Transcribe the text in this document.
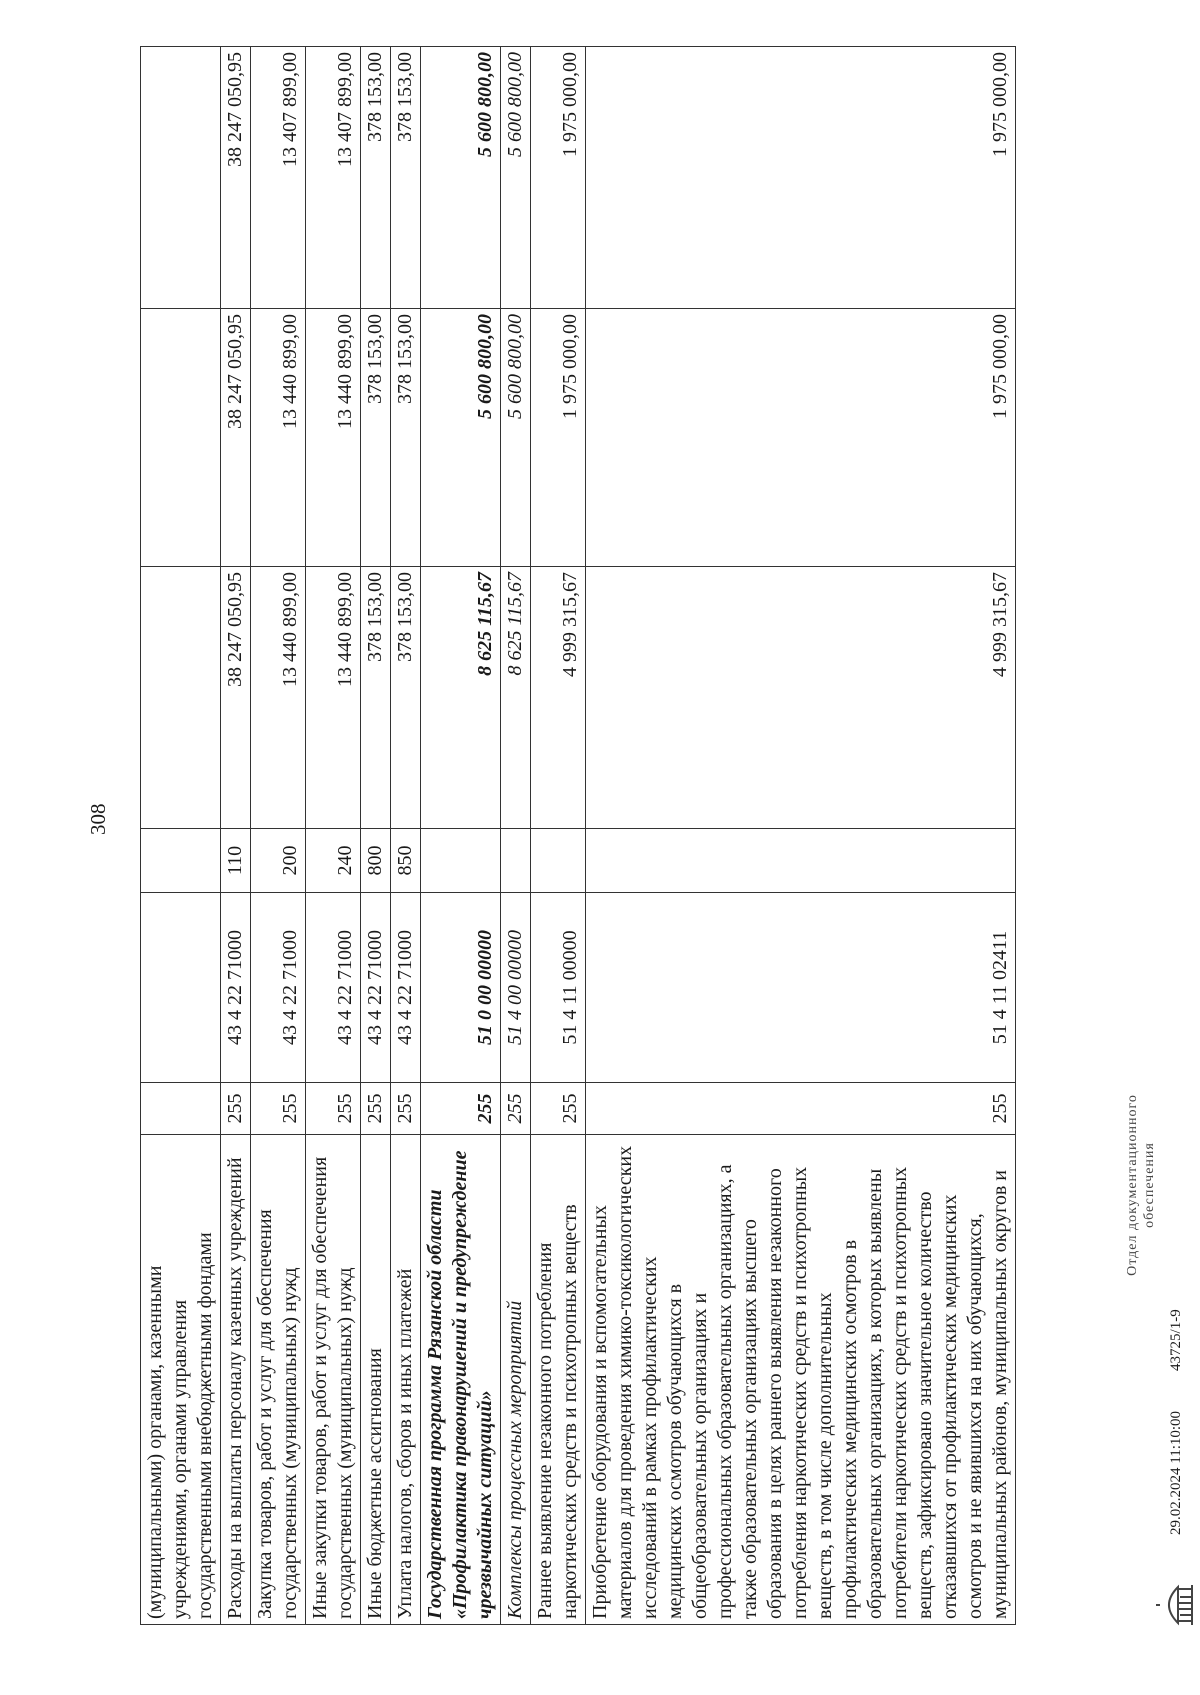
308
(муниципальными) органами, казенными учреждениями, органами управления государственными внебюджетными фондами						
Расходы на выплаты персоналу казенных учреждений	255	43 4 22 71000	110	38 247 050,95	38 247 050,95	38 247 050,95
Закупка товаров, работ и услуг для обеспечения государственных (муниципальных) нужд	255	43 4 22 71000	200	13 440 899,00	13 440 899,00	13 407 899,00
Иные закупки товаров, работ и услуг для обеспечения государственных (муниципальных) нужд	255	43 4 22 71000	240	13 440 899,00	13 440 899,00	13 407 899,00
Иные бюджетные ассигнования	255	43 4 22 71000	800	378 153,00	378 153,00	378 153,00
Уплата налогов, сборов и иных платежей	255	43 4 22 71000	850	378 153,00	378 153,00	378 153,00
Государственная программа Рязанской области «Профилактика правонарушений и предупреждение чрезвычайных ситуаций»	255	51 0 00 00000		8 625 115,67	5 600 800,00	5 600 800,00
Комплексы процессных мероприятий	255	51 4 00 00000		8 625 115,67	5 600 800,00	5 600 800,00
Раннее выявление незаконного потребления наркотических средств и психотропных веществ	255	51 4 11 00000		4 999 315,67	1 975 000,00	1 975 000,00
Приобретение оборудования и вспомогательных материалов для проведения химико-токсикологических исследований в рамках профилактических медицинских осмотров обучающихся в общеобразовательных организациях и профессиональных образовательных организациях, а также образовательных организациях высшего образования в целях раннего выявления незаконного потребления наркотических средств и психотропных веществ, в том числе дополнительных профилактических медицинских осмотров в образовательных организациях, в которых выявлены потребители наркотических средств и психотропных веществ, зафиксировано значительное количество отказавшихся от профилактических медицинских осмотров и не явившихся на них обучающихся, муниципальных районов, муниципальных округов и	255	51 4 11 02411		4 999 315,67	1 975 000,00	1 975 000,00
29.02.2024 11:10:00
43725/1-9
Отдел документационного обеспечения
